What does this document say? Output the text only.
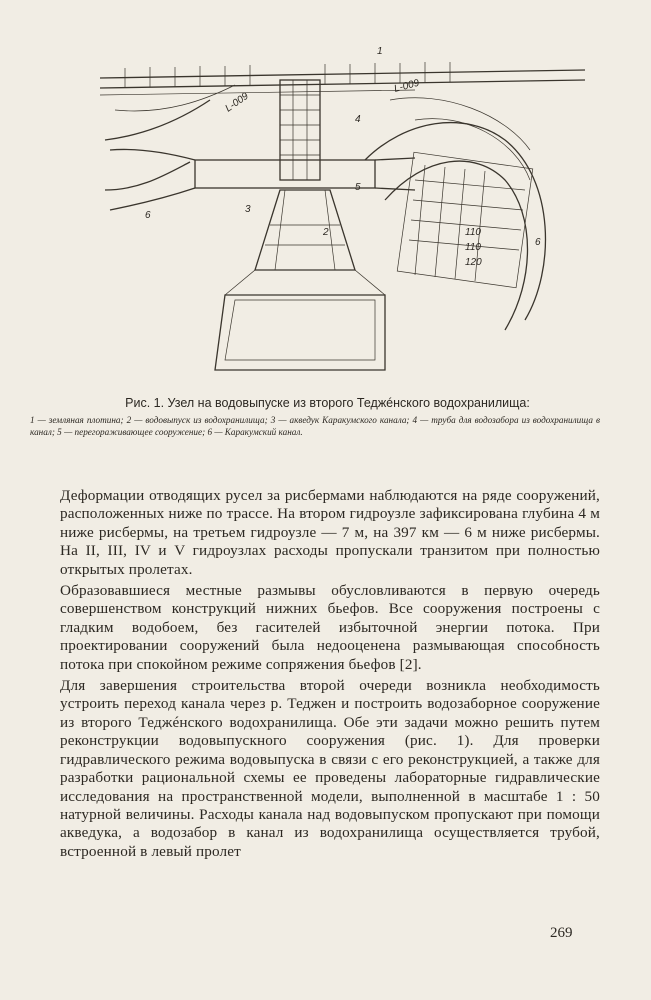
1
2
3
4
5
6
6
L-009
L-009
110
110
120
Рис. 1. Узел на водовыпуске из второго Теджéнского водохранилища:
1 — земляная плотина; 2 — водовыпуск из водохранилища; 3 — акведук Каракумского канала; 4 — труба для водозабора из водохранилища в канал; 5 — перегораживающее сооружение; 6 — Каракумский канал.

Деформации отводящих русел за рисбермами наблюдаются на ряде сооружений, расположенных ниже по трассе. На втором гидроузле зафиксирована глубина 4 м ниже рисбермы, на третьем гидроузле — 7 м, на 397 км — 6 м ниже рисбермы. На II, III, IV и V гидроузлах расходы пропускали транзитом при полностью открытых пролетах.

Образовавшиеся местные размывы обусловливаются в первую очередь совершенством конструкций нижних бьефов. Все сооружения построены с гладким водобоем, без гасителей избыточной энергии потока. При проектировании сооружений была недооценена размывающая способность потока при спокойном режиме сопряжения бьефов [2].

Для завершения строительства второй очереди возникла необходимость устроить переход канала через р. Теджен и построить водозаборное сооружение из второго Теджéнского водохранилища. Обе эти задачи можно решить путем реконструкции водовыпускного сооружения (рис. 1). Для проверки гидравлического режима водовыпуска в связи с его реконструкцией, а также для разработки рациональной схемы ее проведены лабораторные гидравлические исследования на пространственной модели, выполненной в масштабе 1 : 50 натурной величины. Расходы канала над водовыпуском пропускают при помощи акведука, а водозабор в канал из водохранилища осуществляется трубой, встроенной в левый пролет

269
